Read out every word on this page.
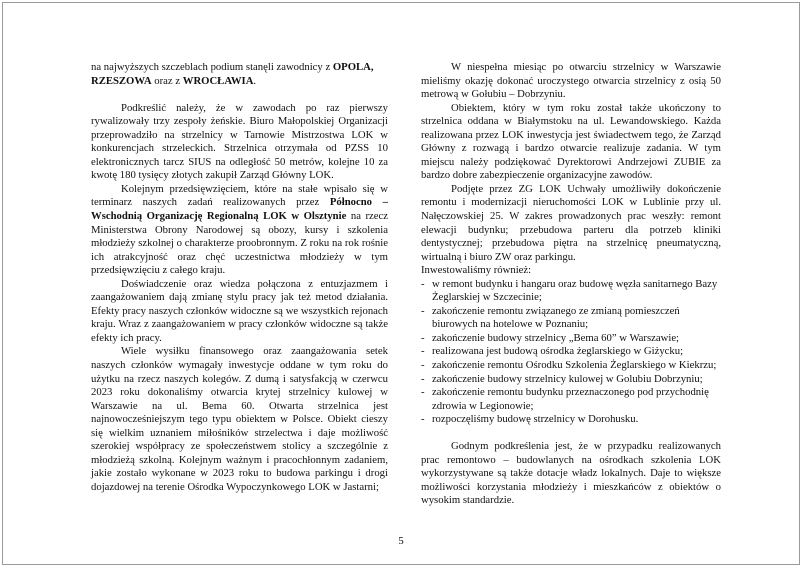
na najwyższych szczeblach podium stanęli zawodnicy z OPOLA,
RZESZOWA oraz z WROCŁAWIA.

Podkreślić należy, że w zawodach po raz pierwszy rywalizowały trzy zespoły żeńskie. Biuro Małopolskiej Organizacji przeprowadziło na strzelnicy w Tarnowie Mistrzostwa LOK w konkurencjach strzeleckich. Strzelnica otrzymała od PZSS 10 elektronicznych tarcz SIUS na odległość 50 metrów, kolejne 10 za kwotę 180 tysięcy złotych zakupił Zarząd Główny LOK.

Kolejnym przedsięwzięciem, które na stałe wpisało się w terminarz naszych zadań realizowanych przez Północno – Wschodnią Organizację Regionalną LOK w Olsztynie na rzecz Ministerstwa Obrony Narodowej są obozy, kursy i szkolenia młodzieży szkolnej o charakterze proobronnym. Z roku na rok rośnie ich atrakcyjność oraz chęć uczestnictwa młodzieży w tym przedsięwzięciu z całego kraju.

Doświadczenie oraz wiedza połączona z entuzjazmem i zaangażowaniem dają zmianę stylu pracy jak też metod działania. Efekty pracy naszych członków widoczne są we wszystkich rejonach kraju. Wraz z zaangażowaniem w pracy członków widoczne są także efekty ich pracy.

Wiele wysiłku finansowego oraz zaangażowania setek naszych członków wymagały inwestycje oddane w tym roku do użytku na rzecz naszych kolegów. Z dumą i satysfakcją w czerwcu 2023 roku dokonaliśmy otwarcia krytej strzelnicy kulowej w Warszawie na ul. Bema 60. Otwarta strzelnica jest najnowocześniejszym tego typu obiektem w Polsce. Obiekt cieszy się wielkim uznaniem miłośników strzelectwa i daje możliwość szerokiej współpracy ze społeczeństwem stolicy a szczególnie z młodzieżą szkolną. Kolejnym ważnym i pracochłonnym zadaniem, jakie zostało wykonane w 2023 roku to budowa parkingu i drogi dojazdowej na terenie Ośrodka Wypoczynkowego LOK w Jastarni;

W niespełna miesiąc po otwarciu strzelnicy w Warszawie mieliśmy okazję dokonać uroczystego otwarcia strzelnicy z osią 50 metrową w Gołubiu – Dobrzyniu.

Obiektem, który w tym roku został także ukończony to strzelnica oddana w Białymstoku na ul. Lewandowskiego. Każda realizowana przez LOK inwestycja jest świadectwem tego, że Zarząd Główny z rozwagą i bardzo otwarcie realizuje zadania. W tym miejscu należy podziękować Dyrektorowi Andrzejowi ZUBIE za bardzo dobre zabezpieczenie organizacyjne zawodów.

Podjęte przez ZG LOK Uchwały umożliwiły dokończenie remontu i modernizacji nieruchomości LOK w Lublinie przy ul. Nałęczowskiej 25. W zakres prowadzonych prac weszły: remont elewacji budynku; przebudowa parteru dla potrzeb kliniki dentystycznej; przebudowa piętra na strzelnicę pneumatyczną, wirtualną i biuro ZW oraz parkingu.

Inwestowaliśmy również:

- w remont budynku i hangaru oraz budowę węzła sanitarnego Bazy Żeglarskiej w Szczecinie;
- zakończenie remontu związanego ze zmianą pomieszczeń biurowych na hotelowe w Poznaniu;
- zakończenie budowy strzelnicy „Bema 60” w Warszawie;
- realizowana jest budową ośrodka żeglarskiego w Giżycku;
- zakończenie remontu Ośrodku Szkolenia Żeglarskiego w Kiekrzu;
- zakończenie budowy strzelnicy kulowej w Golubiu Dobrzyniu;
- zakończenie remontu budynku przeznaczonego pod przychodnię zdrowia w Legionowie;
- rozpoczęliśmy budowę strzelnicy w Dorohusku.

Godnym podkreślenia jest, że w przypadku realizowanych prac remontowo – budowlanych na ośrodkach szkolenia LOK wykorzystywane są także dotacje władz lokalnych. Daje to większe możliwości korzystania młodzieży i mieszkańców z obiektów o wysokim standardzie.

5
